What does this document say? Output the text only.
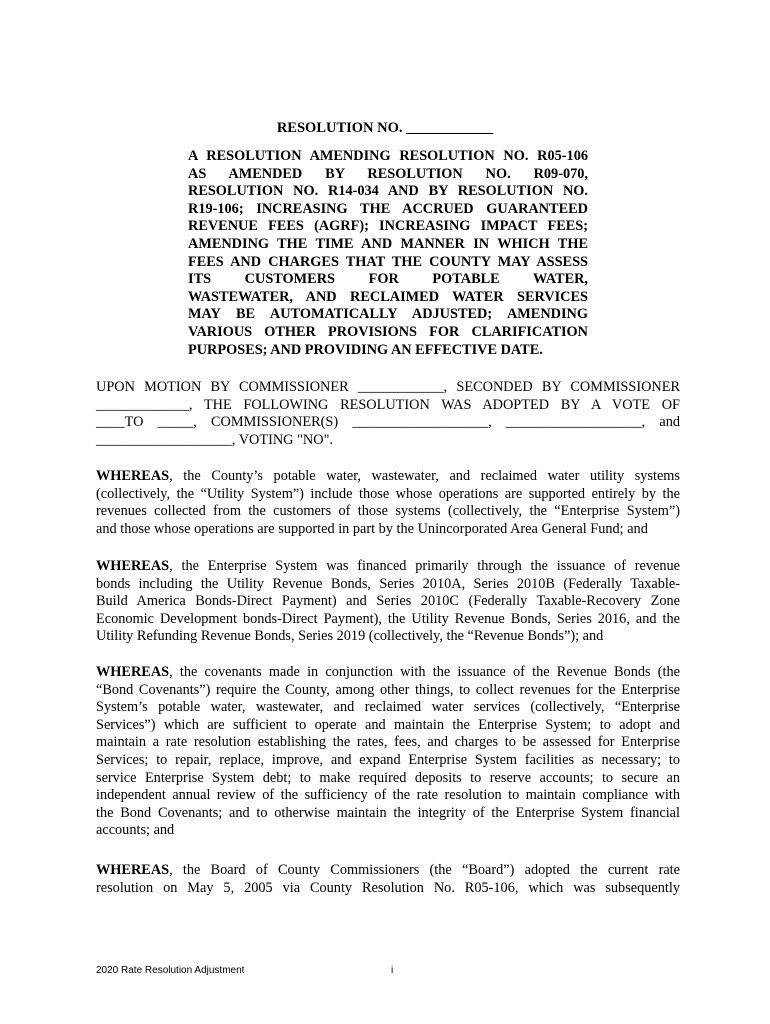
RESOLUTION NO. ____________
A RESOLUTION AMENDING RESOLUTION NO. R05-106
AS AMENDED BY RESOLUTION NO. R09-070,
RESOLUTION NO. R14-034 AND BY RESOLUTION NO.
R19-106; INCREASING THE ACCRUED GUARANTEED
REVENUE FEES (AGRF); INCREASING IMPACT FEES;
AMENDING THE TIME AND MANNER IN WHICH THE
FEES AND CHARGES THAT THE COUNTY MAY ASSESS
ITS CUSTOMERS FOR POTABLE WATER,
WASTEWATER, AND RECLAIMED WATER SERVICES
MAY BE AUTOMATICALLY ADJUSTED; AMENDING
VARIOUS OTHER PROVISIONS FOR CLARIFICATION
PURPOSES; AND PROVIDING AN EFFECTIVE DATE.
UPON MOTION BY COMMISSIONER ____________, SECONDED BY COMMISSIONER
_____________, THE FOLLOWING RESOLUTION WAS ADOPTED BY A VOTE OF
____TO _____, COMMISSIONER(S) ___________________, ___________________, and
___________________, VOTING "NO".
WHEREAS, the County’s potable water, wastewater, and reclaimed water utility systems
(collectively, the “Utility System”) include those whose operations are supported entirely by the
revenues collected from the customers of those systems (collectively, the “Enterprise System”)
and those whose operations are supported in part by the Unincorporated Area General Fund; and
WHEREAS, the Enterprise System was financed primarily through the issuance of revenue
bonds including the Utility Revenue Bonds, Series 2010A, Series 2010B (Federally Taxable-
Build America Bonds-Direct Payment) and Series 2010C (Federally Taxable-Recovery Zone
Economic Development bonds-Direct Payment), the Utility Revenue Bonds, Series 2016, and the
Utility Refunding Revenue Bonds, Series 2019 (collectively, the “Revenue Bonds”); and
WHEREAS, the covenants made in conjunction with the issuance of the Revenue Bonds (the
“Bond Covenants”) require the County, among other things, to collect revenues for the Enterprise
System’s potable water, wastewater, and reclaimed water services (collectively, “Enterprise
Services”) which are sufficient to operate and maintain the Enterprise System; to adopt and
maintain a rate resolution establishing the rates, fees, and charges to be assessed for Enterprise
Services; to repair, replace, improve, and expand Enterprise System facilities as necessary; to
service Enterprise System debt; to make required deposits to reserve accounts; to secure an
independent annual review of the sufficiency of the rate resolution to maintain compliance with
the Bond Covenants; and to otherwise maintain the integrity of the Enterprise System financial
accounts; and
WHEREAS, the Board of County Commissioners (the “Board”) adopted the current rate
resolution on May 5, 2005 via County Resolution No. R05-106, which was subsequently
2020 Rate Resolution Adjustment	i
